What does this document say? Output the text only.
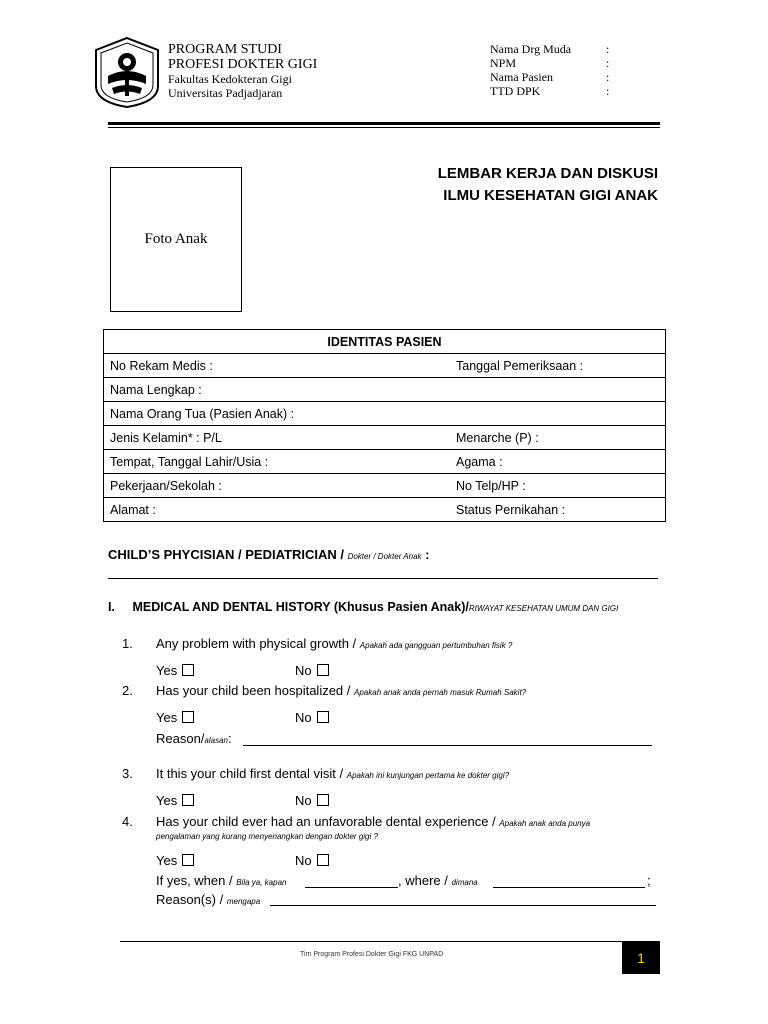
PROGRAM STUDI
PROFESI DOKTER GIGI
Fakultas Kedokteran Gigi
Universitas Padjadjaran
Nama Drg Muda	:
NPM	:
Nama Pasien	:
TTD DPK	:
Foto Anak
LEMBAR KERJA DAN DISKUSI
ILMU KESEHATAN GIGI ANAK
IDENTITAS PASIEN
No Rekam Medis :	Tanggal Pemeriksaan :

Nama Lengkap :

Nama Orang Tua (Pasien Anak) :

Jenis Kelamin* : P/L	Menarche (P) :

Tempat, Tanggal Lahir/Usia :	Agama :

Pekerjaan/Sekolah :	No Telp/HP :

Alamat :	Status Pernikahan :
CHILD’S PHYCISIAN / PEDIATRICIAN / Dokter / Dokter Anak :
I. MEDICAL AND DENTAL HISTORY (Khusus Pasien Anak)/RIWAYAT KESEHATAN UMUM DAN GIGI
1. Any problem with physical growth / Apakah ada gangguan pertumbuhan fisik ?
Yes	No
2. Has your child been hospitalized / Apakah anak anda pernah masuk Rumah Sakit?
Yes	No
Reason/alasan:
3. It this your child first dental visit / Apakah ini kunjungan pertama ke dokter gigi?
Yes	No
4. Has your child ever had an unfavorable dental experience / Apakah anak anda punya
pengalaman yang kurang menyenangkan dengan dokter gigi ?
Yes	No
If yes, when / Bila ya, kapan	, where / dimana	;
Reason(s) / mengapa
Tim Program Profesi Dokter Gigi FKG UNPAD	1
